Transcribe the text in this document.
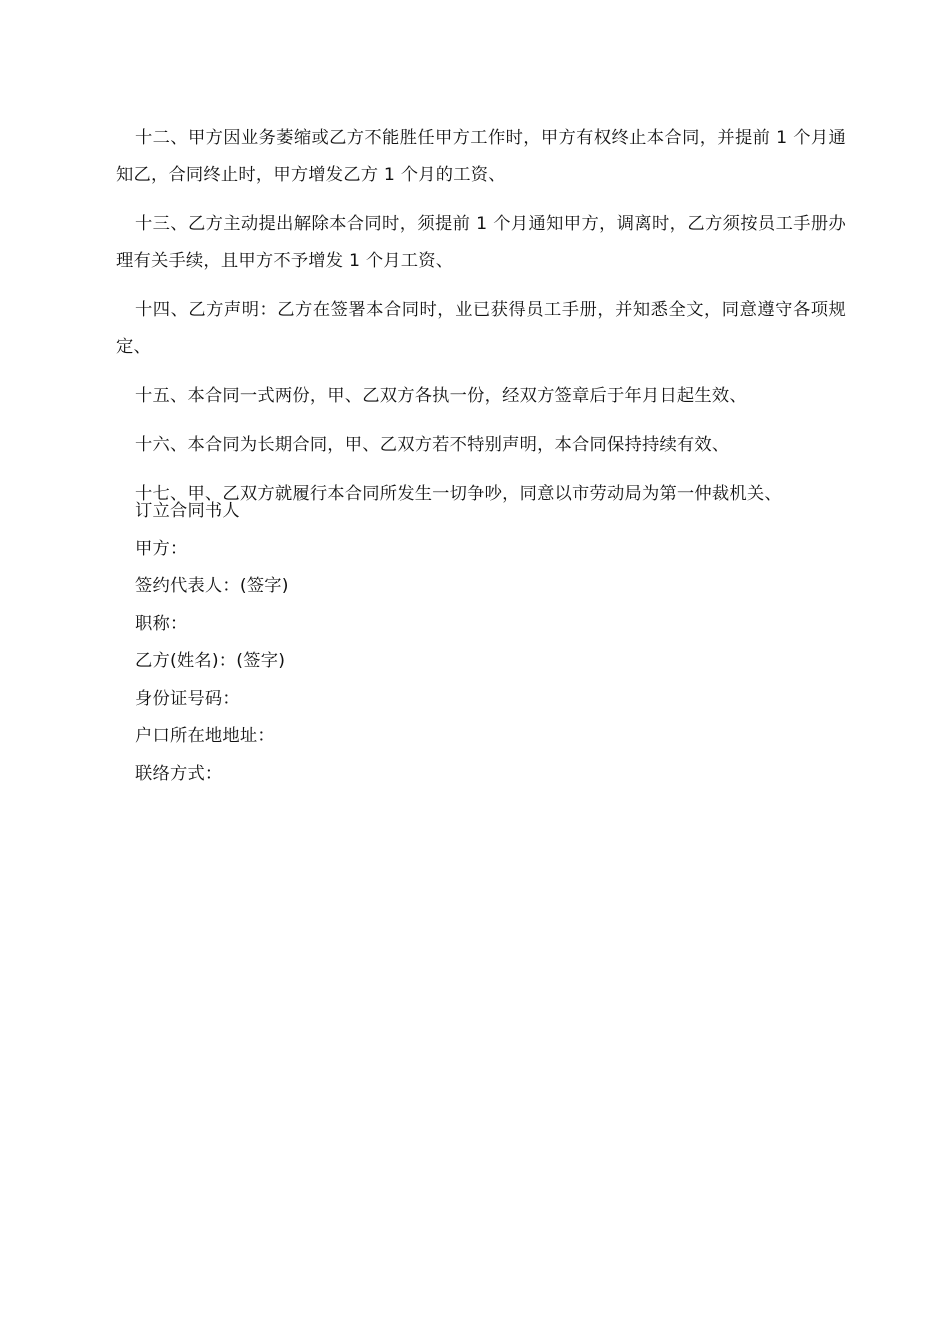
十二、甲方因业务萎缩或乙方不能胜任甲方工作时，甲方有权终止本合同，并提前 1 个月通知乙，合同终止时，甲方增发乙方 1 个月的工资、

十三、乙方主动提出解除本合同时，须提前 1 个月通知甲方，调离时，乙方须按员工手册办理有关手续，且甲方不予增发 1 个月工资、

十四、乙方声明：乙方在签署本合同时，业已获得员工手册，并知悉全文，同意遵守各项规定、

十五、本合同一式两份，甲、乙双方各执一份，经双方签章后于年月日起生效、

十六、本合同为长期合同，甲、乙双方若不特别声明，本合同保持持续有效、

十七、甲、乙双方就履行本合同所发生一切争吵，同意以市劳动局为第一仲裁机关、

订立合同书人
甲方：
签约代表人：(签字)
职称：
乙方(姓名)：(签字)
身份证号码：
户口所在地地址：
联络方式：
